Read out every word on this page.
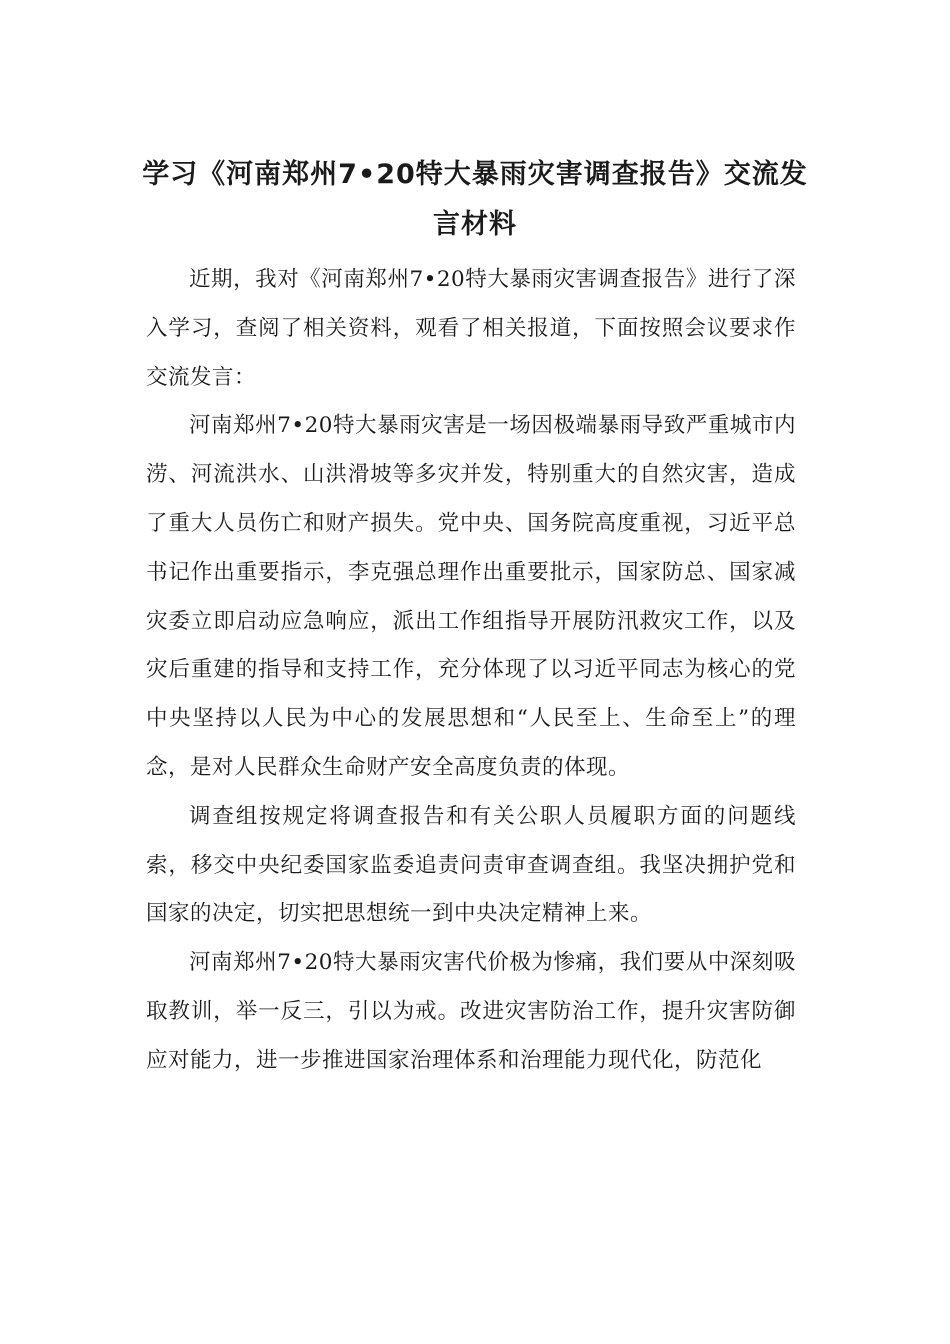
学习《河南郑州7•20特大暴雨灾害调查报告》交流发言材料

近期，我对《河南郑州7•20特大暴雨灾害调查报告》进行了深入学习，查阅了相关资料，观看了相关报道，下面按照会议要求作交流发言：

河南郑州7•20特大暴雨灾害是一场因极端暴雨导致严重城市内涝、河流洪水、山洪滑坡等多灾并发，特别重大的自然灾害，造成了重大人员伤亡和财产损失。党中央、国务院高度重视，习近平总书记作出重要指示，李克强总理作出重要批示，国家防总、国家减灾委立即启动应急响应，派出工作组指导开展防汛救灾工作，以及灾后重建的指导和支持工作，充分体现了以习近平同志为核心的党中央坚持以人民为中心的发展思想和“人民至上、生命至上”的理念，是对人民群众生命财产安全高度负责的体现。

调查组按规定将调查报告和有关公职人员履职方面的问题线索，移交中央纪委国家监委追责问责审查调查组。我坚决拥护党和国家的决定，切实把思想统一到中央决定精神上来。

河南郑州7•20特大暴雨灾害代价极为惨痛，我们要从中深刻吸取教训，举一反三，引以为戒。改进灾害防治工作，提升灾害防御应对能力，进一步推进国家治理体系和治理能力现代化，防范化
